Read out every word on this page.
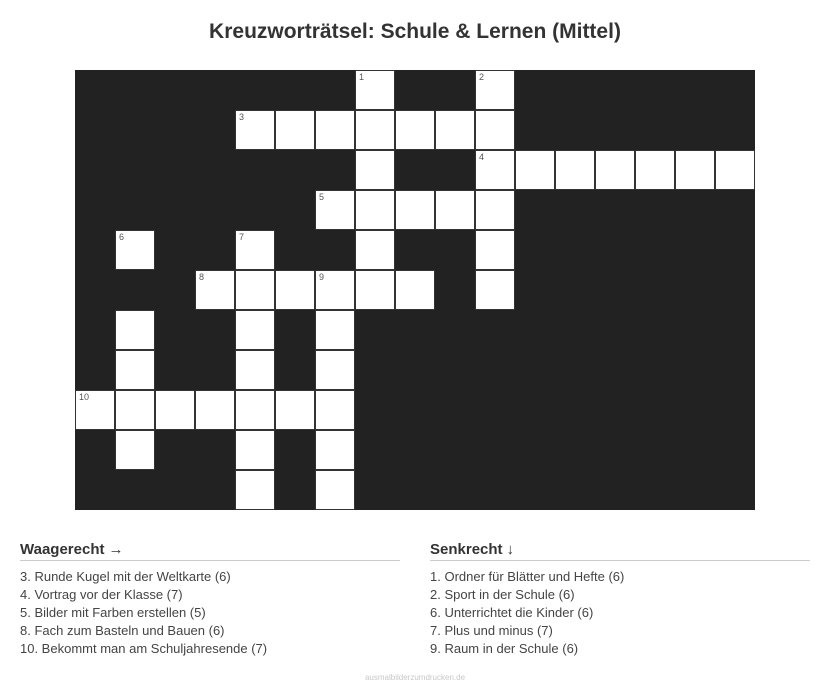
Kreuzworträtsel: Schule & Lernen (Mittel)
1	2
3
4
5
6	7
8	9
10
Waagerecht →
3. Runde Kugel mit der Weltkarte (6)
4. Vortrag vor der Klasse (7)
5. Bilder mit Farben erstellen (5)
8. Fach zum Basteln und Bauen (6)
10. Bekommt man am Schuljahresende (7)
Senkrecht ↓
1. Ordner für Blätter und Hefte (6)
2. Sport in der Schule (6)
6. Unterrichtet die Kinder (6)
7. Plus und minus (7)
9. Raum in der Schule (6)
ausmalbilderzumdrucken.de
